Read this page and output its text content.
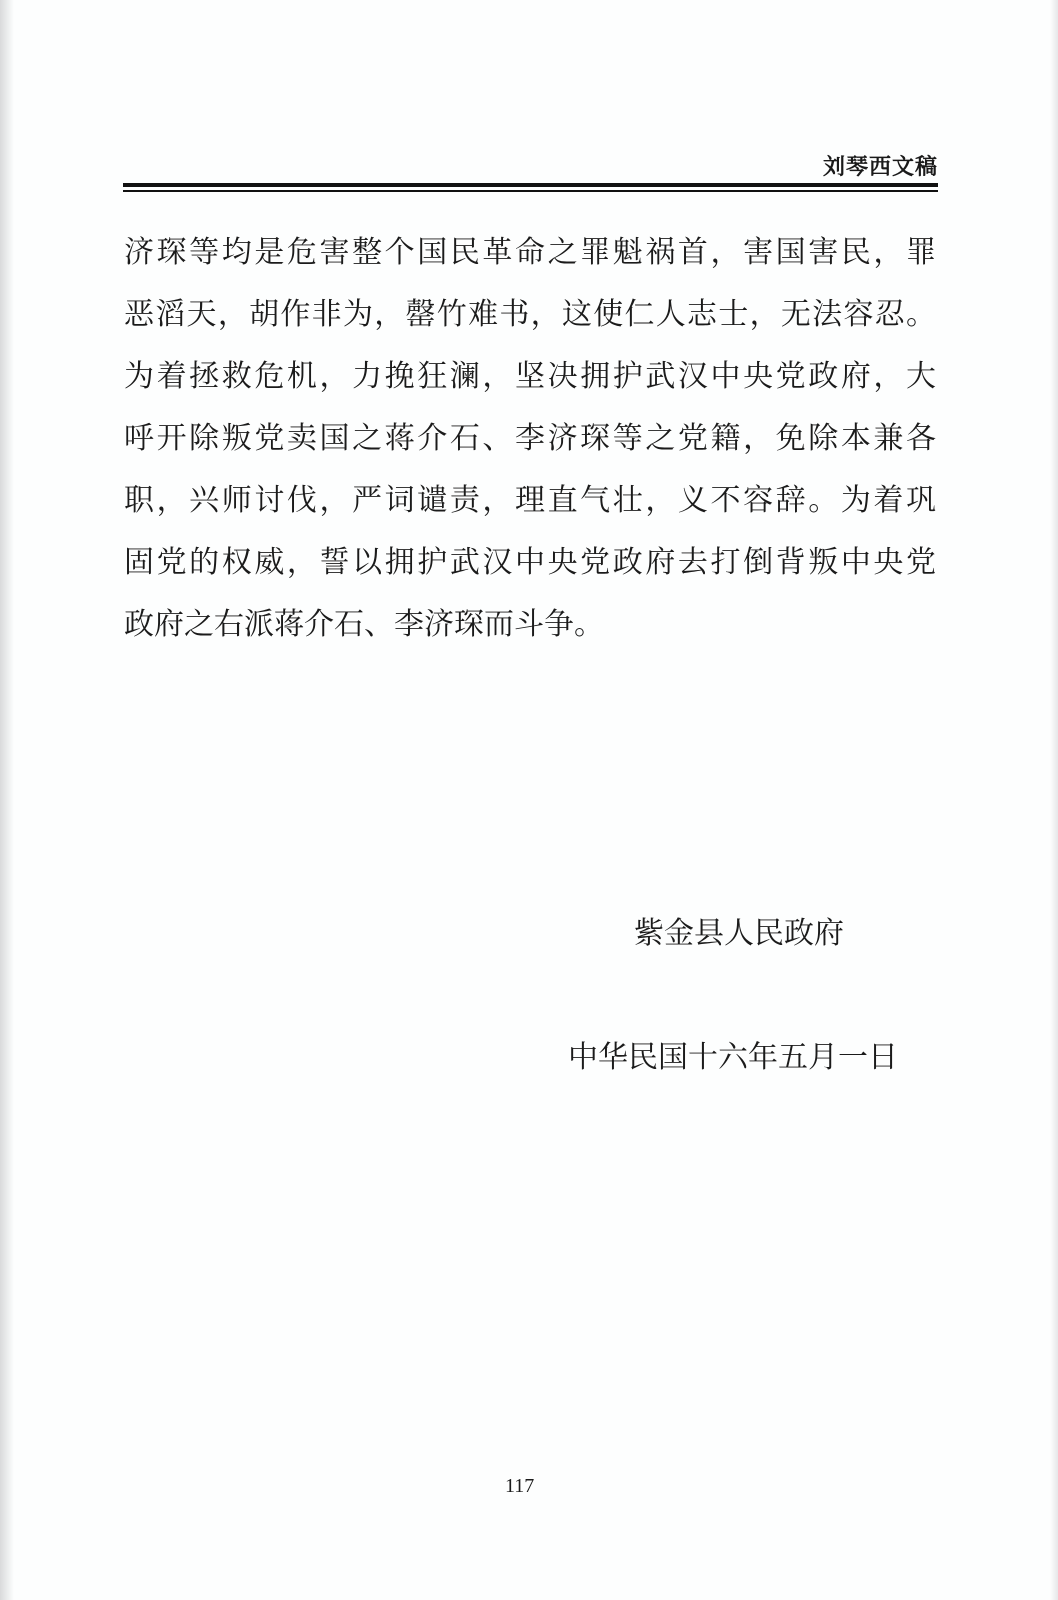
刘琴西文稿
济琛等均是危害整个国民革命之罪魁祸首，害国害民，罪
恶滔天，胡作非为，罄竹难书，这使仁人志士，无法容忍。
为着拯救危机，力挽狂澜，坚决拥护武汉中央党政府，大
呼开除叛党卖国之蒋介石、李济琛等之党籍，免除本兼各
职，兴师讨伐，严词谴责，理直气壮，义不容辞。为着巩
固党的权威，誓以拥护武汉中央党政府去打倒背叛中央党
政府之右派蒋介石、李济琛而斗争。
紫金县人民政府
中华民国十六年五月一日
117
